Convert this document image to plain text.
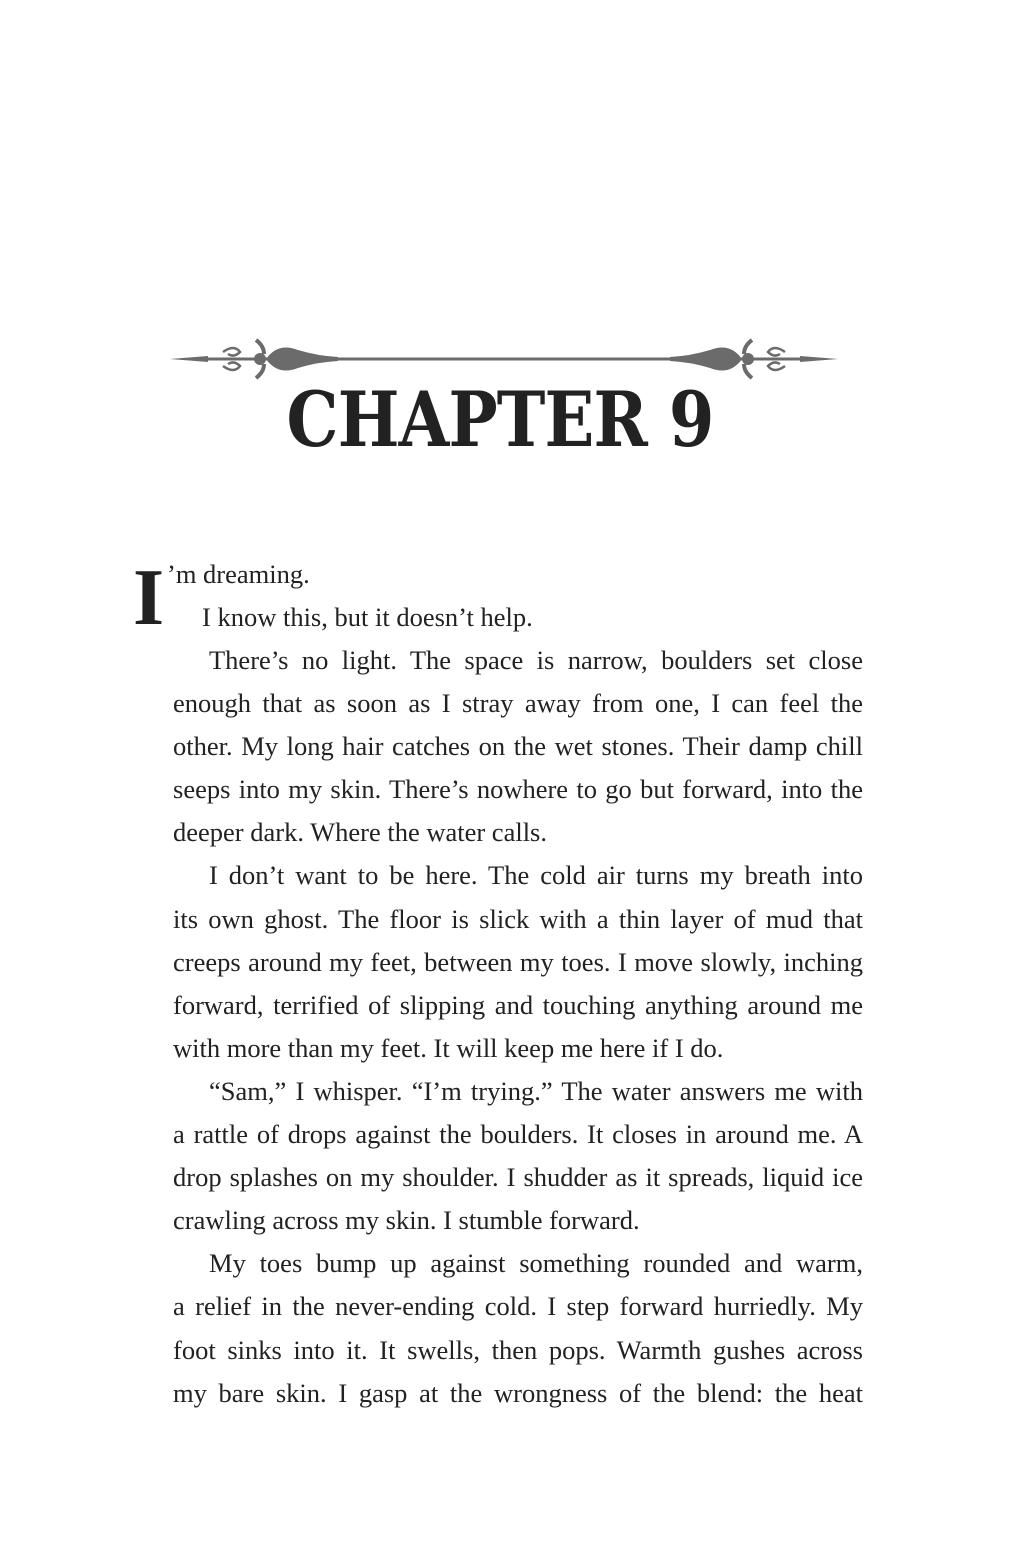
CHAPTER 9
I ’m dreaming.
I know this, but it doesn’t help.
There’s no light. The space is narrow, boulders set close
enough that as soon as I stray away from one, I can feel the
other. My long hair catches on the wet stones. Their damp chill
seeps into my skin. There’s nowhere to go but forward, into the
deeper dark. Where the water calls.
I don’t want to be here. The cold air turns my breath into
its own ghost. The floor is slick with a thin layer of mud that
creeps around my feet, between my toes. I move slowly, inching
forward, terrified of slipping and touching anything around me
with more than my feet. It will keep me here if I do.
“Sam,” I whisper. “I’m trying.” The water answers me with
a rattle of drops against the boulders. It closes in around me. A
drop splashes on my shoulder. I shudder as it spreads, liquid ice
crawling across my skin. I stumble forward.
My toes bump up against something rounded and warm,
a relief in the never-ending cold. I step forward hurriedly. My
foot sinks into it. It swells, then pops. Warmth gushes across
my bare skin. I gasp at the wrongness of the blend: the heat
